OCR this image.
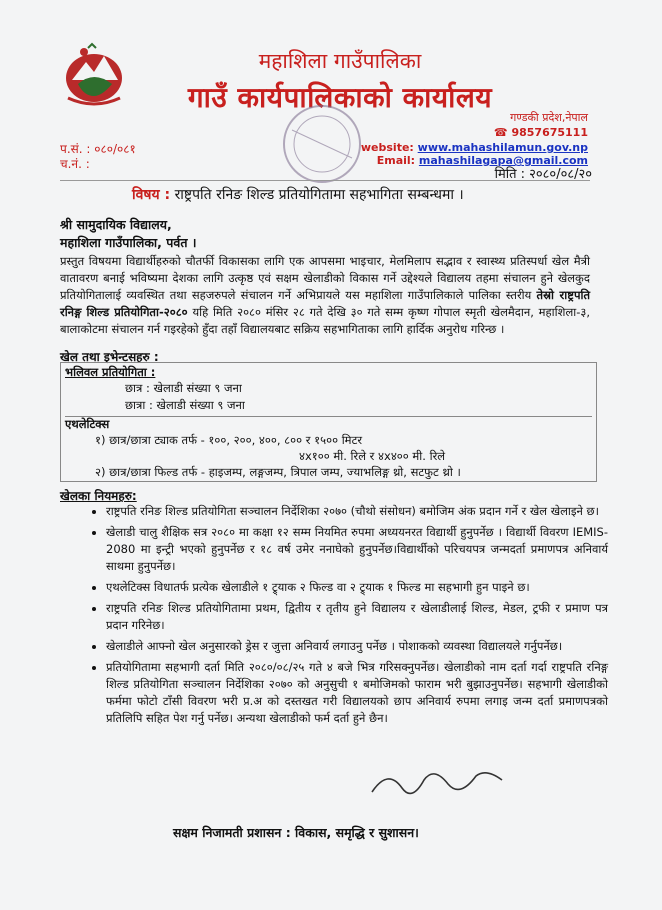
महाशिला गाउँपालिका
गाउँ कार्यपालिकाको कार्यालय
गण्डकी प्रदेश,नेपाल
☎ 9857675111
website: www.mahashilamun.gov.np
Email: mahashilagapa@gmail.com
प.सं. : ०८०/०८१
च.नं. :
मिति : २०८०/०८/२०
विषय : राष्ट्रपति रनिङ शिल्ड प्रतियोगितामा सहभागिता सम्बन्धमा ।
श्री सामुदायिक विद्यालय,
महाशिला गाउँपालिका, पर्वत ।
प्रस्तुत विषयमा विद्यार्थीहरुको चौतर्फी विकासका लागि एक आपसमा भाइचार, मेलमिलाप सद्भाव र स्वास्थ्य प्रतिस्पर्धा खेल मैत्री वातावरण बनाई भविष्यमा देशका लागि उत्कृष्ठ एवं सक्षम खेलाडीको विकास गर्ने उद्देश्यले विद्यालय तहमा संचालन हुने खेलकुद प्रतियोगितालाई व्यवस्थित तथा सहजरुपले संचालन गर्ने अभिप्रायले यस महाशिला गाउँपालिकाले पालिका स्तरीय तेस्रो राष्ट्रपति रनिङ्ग शिल्ड प्रतियोगिता-२०८० यहि मिति २०८० मंसिर २८ गते देखि ३० गते सम्म कृष्ण गोपाल स्मृती खेलमैदान, महाशिला-३, बालाकोटमा संचालन गर्न गइरहेको हुँदा तहाँ विद्यालयबाट सक्रिय सहभागिताका लागि हार्दिक अनुरोध गरिन्छ ।
खेल तथा इभेन्टसहरु :
भलिवल प्रतियोगिता :
छात्र : खेलाडी संख्या ९ जना
छात्रा : खेलाडी संख्या ९ जना
एथलेटिक्स
१) छात्र/छात्रा ट्याक तर्फ - १००, २००, ४००, ८०० र १५०० मिटर
४x१०० मी. रिले र ४x४०० मी. रिले
२) छात्र/छात्रा फिल्ड तर्फ - हाइजम्प, लङ्गजम्प, त्रिपाल जम्प, ज्याभलिङ्ग थ्रो, सटफुट थ्रो ।
खेलका नियमहरु:
• राष्ट्रपति रनिङ शिल्ड प्रतियोगिता सञ्चालन निर्देशिका २०७० (चौथो संसोधन) बमोजिम अंक प्रदान गर्ने र खेल खेलाइने छ।
• खेलाडी चालु शैक्षिक सत्र २०८० मा कक्षा १२ सम्म नियमित रुपमा अध्ययनरत विद्यार्थी हुनुपर्नेछ । विद्यार्थी विवरण IEMIS-2080 मा इन्ट्री भएको हुनुपर्नेछ र १८ वर्ष उमेर ननाघेको हुनुपर्नेछ।विद्यार्थीको परिचयपत्र जन्मदर्ता प्रमाणपत्र अनिवार्य साथमा हुनुपर्नेछ।
• एथलेटिक्स विधातर्फ प्रत्येक खेलाडीले १ ट्र्याक २ फिल्ड वा २ ट्र्याक १ फिल्ड मा सहभागी हुन पाइने छ।
• राष्ट्रपति रनिङ शिल्ड प्रतियोगितामा प्रथम, द्वितीय र तृतीय हुने विद्यालय र खेलाडीलाई शिल्ड, मेडल, ट्रफी र प्रमाण पत्र प्रदान गरिनेछ।
• खेलाडीले आफ्नो खेल अनुसारको ड्रेस र जुत्ता अनिवार्य लगाउनु पर्नेछ । पोशाकको व्यवस्था विद्यालयले गर्नुपर्नेछ।
• प्रतियोगितामा सहभागी दर्ता मिति २०८०/०८/२५ गते ४ बजे भित्र गरिसक्नुपर्नेछ। खेलाडीको नाम दर्ता गर्दा राष्ट्रपति रनिङ्ग शिल्ड प्रतियोगिता सञ्चालन निर्देशिका २०७० को अनुसुची १ बमोजिमको फाराम भरी बुझाउनुपर्नेछ। सहभागी खेलाडीको फर्ममा फोटो टाँसी विवरण भरी प्र.अ को दस्तखत गरी विद्यालयको छाप अनिवार्य रुपमा लगाइ जन्म दर्ता प्रमाणपत्रको प्रतिलिपि सहित पेश गर्नु पर्नेछ। अन्यथा खेलाडीको फर्म दर्ता हुने छैन।
सक्षम निजामती प्रशासन : विकास, समृद्धि र सुशासन।
